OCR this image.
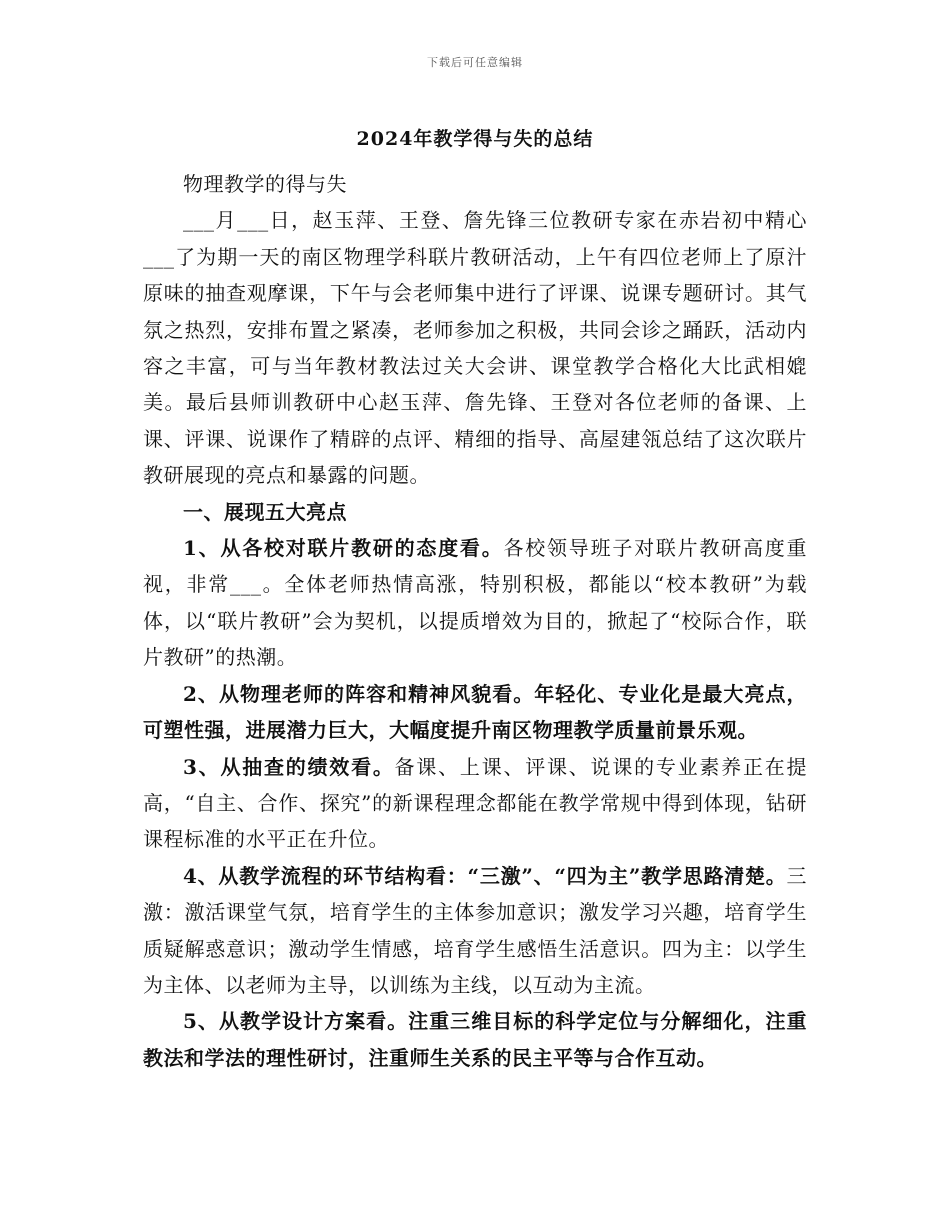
下载后可任意编辑
2024年教学得与失的总结

物理教学的得与失

___月___日，赵玉萍、王登、詹先锋三位教研专家在赤岩初中精心___了为期一天的南区物理学科联片教研活动，上午有四位老师上了原汁原味的抽查观摩课，下午与会老师集中进行了评课、说课专题研讨。其气氛之热烈，安排布置之紧凑，老师参加之积极，共同会诊之踊跃，活动内容之丰富，可与当年教材教法过关大会讲、课堂教学合格化大比武相媲美。最后县师训教研中心赵玉萍、詹先锋、王登对各位老师的备课、上课、评课、说课作了精辟的点评、精细的指导、高屋建瓴总结了这次联片教研展现的亮点和暴露的问题。

一、展现五大亮点

1、从各校对联片教研的态度看。各校领导班子对联片教研高度重视，非常___。全体老师热情高涨，特别积极，都能以“校本教研”为载体，以“联片教研”会为契机，以提质增效为目的，掀起了“校际合作，联片教研”的热潮。

2、从物理老师的阵容和精神风貌看。年轻化、专业化是最大亮点，可塑性强，进展潜力巨大，大幅度提升南区物理教学质量前景乐观。

3、从抽查的绩效看。备课、上课、评课、说课的专业素养正在提高，“自主、合作、探究”的新课程理念都能在教学常规中得到体现，钻研课程标准的水平正在升位。

4、从教学流程的环节结构看：“三激”、“四为主”教学思路清楚。三激：激活课堂气氛，培育学生的主体参加意识；激发学习兴趣，培育学生质疑解惑意识；激动学生情感，培育学生感悟生活意识。四为主：以学生为主体、以老师为主导，以训练为主线，以互动为主流。

5、从教学设计方案看。注重三维目标的科学定位与分解细化，注重教法和学法的理性研讨，注重师生关系的民主平等与合作互动。
